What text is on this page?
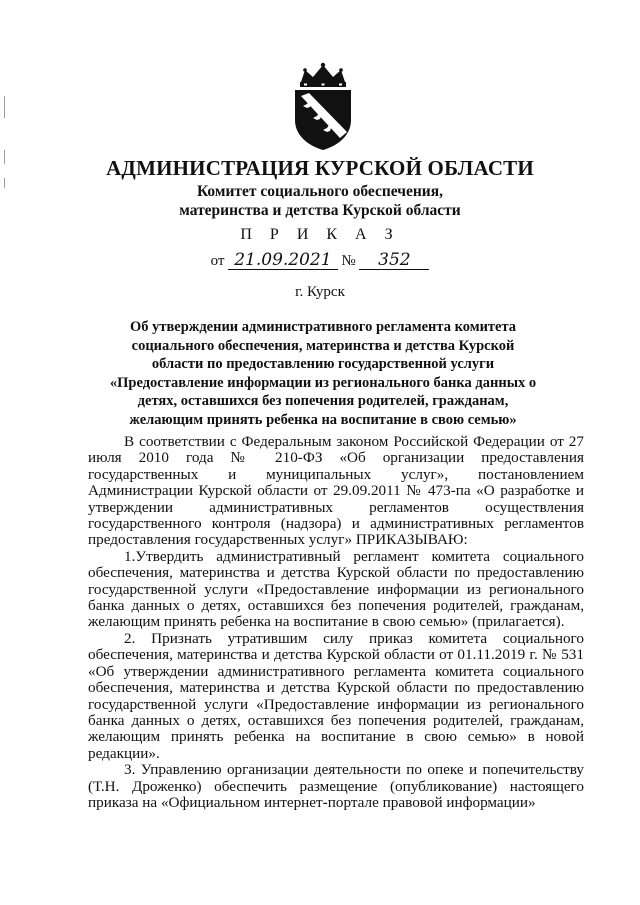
АДМИНИСТРАЦИЯ КУРСКОЙ ОБЛАСТИ
Комитет социального обеспечения,
материнства и детства Курской области
П Р И К А З
от 21.09.2021 № 352
г. Курск
Об утверждении административного регламента комитета социального обеспечения, материнства и детства Курской области по предоставлению государственной услуги «Предоставление информации из регионального банка данных о детях, оставшихся без попечения родителей, гражданам, желающим принять ребенка на воспитание в свою семью»

В соответствии с Федеральным законом Российской Федерации от 27 июля 2010 года № 210-ФЗ «Об организации предоставления государственных и муниципальных услуг», постановлением Администрации Курской области от 29.09.2011 № 473-па «О разработке и утверждении административных регламентов осуществления государственного контроля (надзора) и административных регламентов предоставления государственных услуг» ПРИКАЗЫВАЮ:

1.Утвердить административный регламент комитета социального обеспечения, материнства и детства Курской области по предоставлению государственной услуги «Предоставление информации из регионального банка данных о детях, оставшихся без попечения родителей, гражданам, желающим принять ребенка на воспитание в свою семью» (прилагается).

2. Признать утратившим силу приказ комитета социального обеспечения, материнства и детства Курской области от 01.11.2019 г. № 531 «Об утверждении административного регламента комитета социального обеспечения, материнства и детства Курской области по предоставлению государственной услуги «Предоставление информации из регионального банка данных о детях, оставшихся без попечения родителей, гражданам, желающим принять ребенка на воспитание в свою семью» в новой редакции».

3. Управлению организации деятельности по опеке и попечительству (Т.Н. Дроженко) обеспечить размещение (опубликование) настоящего приказа на «Официальном интернет-портале правовой информации»
